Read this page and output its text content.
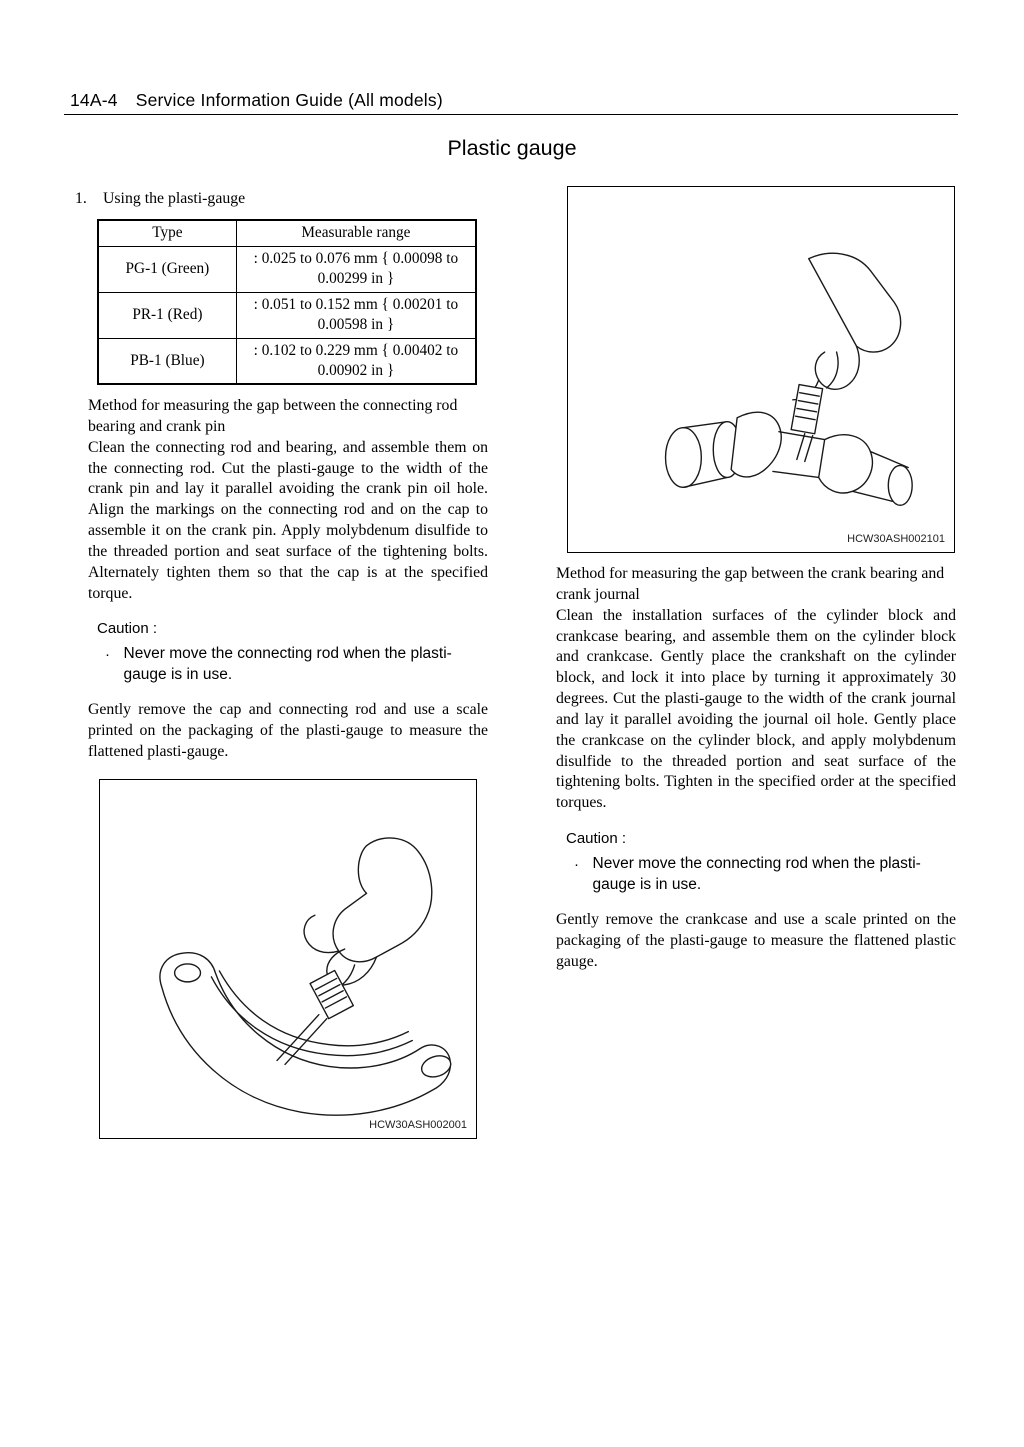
14A-4 Service Information Guide (All models)
Plastic gauge
1.	Using the plasti-gauge
Type	Measurable range
PG-1 (Green)	: 0.025 to 0.076 mm { 0.00098 to 0.00299 in }
PR-1 (Red)	: 0.051 to 0.152 mm { 0.00201 to 0.00598 in }
PB-1 (Blue)	: 0.102 to 0.229 mm { 0.00402 to 0.00902 in }
Method for measuring the gap between the connecting rod bearing and crank pin
Clean the connecting rod and bearing, and assemble them on the connecting rod. Cut the plasti-gauge to the width of the crank pin and lay it parallel avoiding the crank pin oil hole. Align the markings on the connecting rod and on the cap to assemble it on the crank pin. Apply molybdenum disulfide to the threaded portion and seat surface of the tightening bolts. Alternately tighten them so that the cap is at the specified torque.
Caution :
· Never move the connecting rod when the plasti-gauge is in use.
Gently remove the cap and connecting rod and use a scale printed on the packaging of the plasti-gauge to measure the flattened plasti-gauge.
HCW30ASH002001
HCW30ASH002101
Method for measuring the gap between the crank bearing and crank journal
Clean the installation surfaces of the cylinder block and crankcase bearing, and assemble them on the cylinder block and crankcase. Gently place the crankshaft on the cylinder block, and lock it into place by turning it approximately 30 degrees. Cut the plasti-gauge to the width of the crank journal and lay it parallel avoiding the journal oil hole. Gently place the crankcase on the cylinder block, and apply molybdenum disulfide to the threaded portion and seat surface of the tightening bolts. Tighten in the specified order at the specified torques.
Caution :
· Never move the connecting rod when the plasti-gauge is in use.
Gently remove the crankcase and use a scale printed on the packaging of the plasti-gauge to measure the flattened plastic gauge.
